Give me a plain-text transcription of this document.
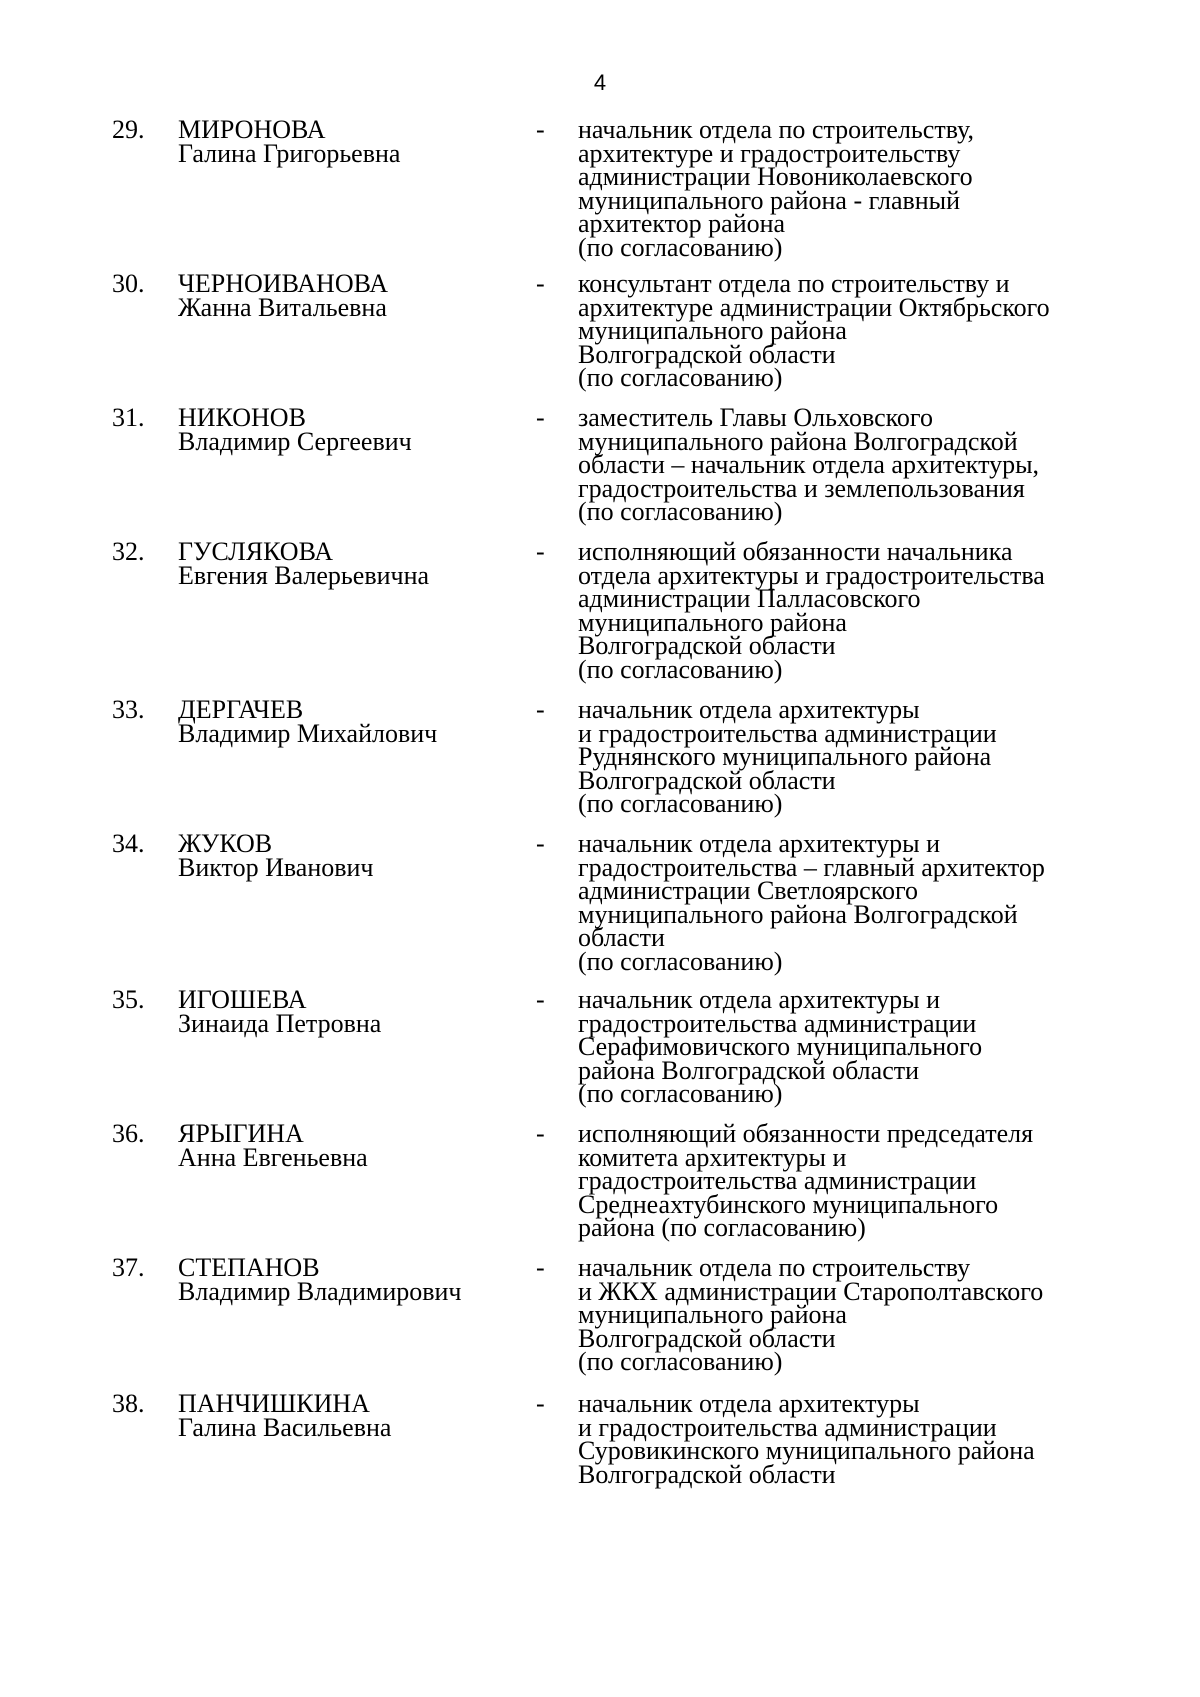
4
29. МИРОНОВА
Галина Григорьевна
- начальник отдела по строительству,
архитектуре и градостроительству
администрации Новониколаевского
муниципального района - главный
архитектор района
(по согласованию)
30. ЧЕРНОИВАНОВА
Жанна Витальевна
- консультант отдела по строительству и
архитектуре администрации Октябрьского
муниципального района
Волгоградской области
(по согласованию)
31. НИКОНОВ
Владимир Сергеевич
- заместитель Главы Ольховского
муниципального района Волгоградской
области – начальник отдела архитектуры,
градостроительства и землепользования
(по согласованию)
32. ГУСЛЯКОВА
Евгения Валерьевична
- исполняющий обязанности начальника
отдела архитектуры и градостроительства
администрации Палласовского
муниципального района
Волгоградской области
(по согласованию)
33. ДЕРГАЧЕВ
Владимир Михайлович
- начальник отдела архитектуры
и градостроительства администрации
Руднянского муниципального района
Волгоградской области
(по согласованию)
34. ЖУКОВ
Виктор Иванович
- начальник отдела архитектуры и
градостроительства – главный архитектор
администрации Светлоярского
муниципального района Волгоградской
области
(по согласованию)
35. ИГОШЕВА
Зинаида Петровна
- начальник отдела архитектуры и
градостроительства администрации
Серафимовичского муниципального
района Волгоградской области
(по согласованию)
36. ЯРЫГИНА
Анна Евгеньевна
- исполняющий обязанности председателя
комитета архитектуры и
градостроительства администрации
Среднеахтубинского муниципального
района (по согласованию)
37. СТЕПАНОВ
Владимир Владимирович
- начальник отдела по строительству
и ЖКХ администрации Старополтавского
муниципального района
Волгоградской области
(по согласованию)
38. ПАНЧИШКИНА
Галина Васильевна
- начальник отдела архитектуры
и градостроительства администрации
Суровикинского муниципального района
Волгоградской области
